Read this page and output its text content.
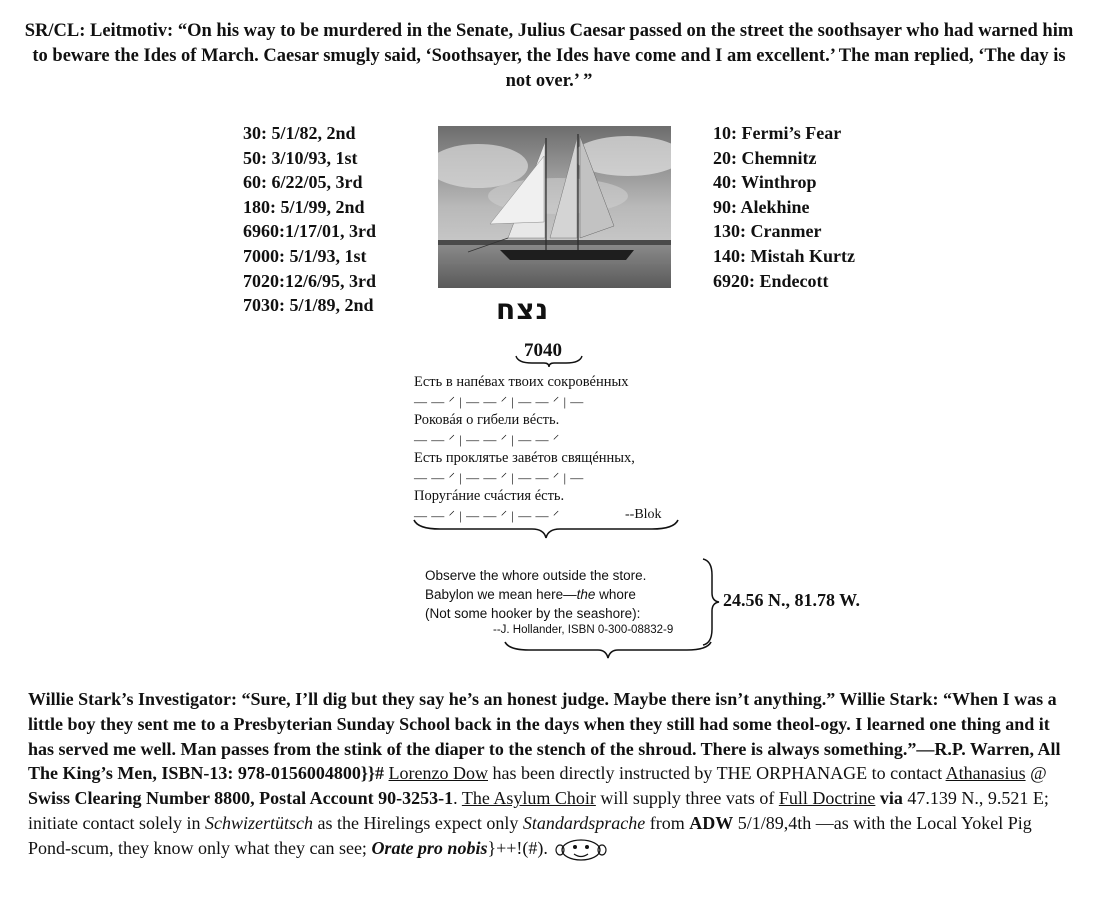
SR/CL: Leitmotiv: “On his way to be murdered in the Senate, Julius Caesar passed on the street the soothsayer who had warned him to beware the Ides of March. Caesar smugly said, ‘Soothsayer, the Ides have come and I am excellent.’ The man replied, ‘The day is not over.’ ”
30: 5/1/82, 2nd
50: 3/10/93, 1st
60: 6/22/05, 3rd
180: 5/1/99, 2nd
6960:1/17/01, 3rd
7000: 5/1/93, 1st
7020:12/6/95, 3rd
7030: 5/1/89, 2nd
10: Fermi’s Fear
20: Chemnitz
40: Winthrop
90: Alekhine
130: Cranmer
140: Mistah Kurtz
6920: Endecott
נצח
7040
Есть в напéвах твоих сокровéнных
— — ⸍ | — — ⸍ | — — ⸍ | —
Роковáя о гибели вéсть.
— — ⸍ | — — ⸍ | — — ⸍
Есть проклятье завéтов свящéнных,
— — ⸍ | — — ⸍ | — — ⸍ | —
Поругáние счáстия éсть.
— — ⸍ | — — ⸍ | — — ⸍	--Blok
Observe the whore outside the store.
Babylon we mean here—the whore
(Not some hooker by the seashore):
--J. Hollander, ISBN 0-300-08832-9
24.56 N., 81.78 W.
Willie Stark’s Investigator: “Sure, I’ll dig but they say he’s an honest judge. Maybe there isn’t anything.” Willie Stark: “When I was a little boy they sent me to a Presbyterian Sunday School back in the days when they still had some theol-ogy. I learned one thing and it has served me well. Man passes from the stink of the diaper to the stench of the shroud. There is always something.”—R.P. Warren, All The King’s Men, ISBN-13: 978-0156004800}}# Lorenzo Dow has been directly instructed by THE ORPHANAGE to contact Athanasius @ Swiss Clearing Number 8800, Postal Account 90-3253-1. The Asylum Choir will supply three vats of Full Doctrine via 47.139 N., 9.521 E; initiate contact solely in Schwizertütsch as the Hirelings expect only Standardsprache from ADW 5/1/89,4th —as with the Local Yokel Pig Pond-scum, they know only what they can see; Orate pro nobis}++!(#).
